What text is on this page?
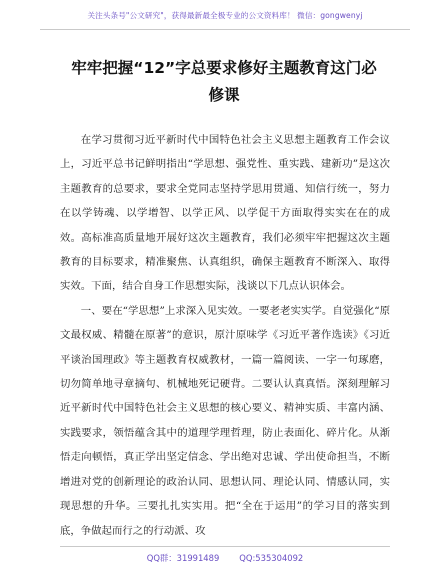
关注头条号"公文研究"，获得最新最全极专业的公文资料库！ 微信：gongwenyj
牢牢把握“12”字总要求修好主题教育这门必
修课

在学习贯彻习近平新时代中国特色社会主义思想主题教育工作会议上，习近平总书记鲜明指出“学思想、强党性、重实践、建新功”是这次主题教育的总要求，要求全党同志坚持学思用贯通、知信行统一，努力在以学铸魂、以学增智、以学正风、以学促干方面取得实实在在的成效。高标准高质量地开展好这次主题教育，我们必须牢牢把握这次主题教育的目标要求，精准聚焦、认真组织，确保主题教育不断深入、取得实效。下面，结合自身工作思想实际，浅谈以下几点认识体会。

一、要在“学思想”上求深入见实效。一要老老实实学。自觉强化“原文最权威、精髓在原著”的意识，原汁原味学《习近平著作选读》《习近平谈治国理政》等主题教育权威教材，一篇一篇阅读、一字一句琢磨，切勿简单地寻章摘句、机械地死记硬背。二要认认真真悟。深刻理解习近平新时代中国特色社会主义思想的核心要义、精神实质、丰富内涵、实践要求，领悟蕴含其中的道理学理哲理，防止表面化、碎片化。从渐悟走向顿悟，真正学出坚定信念、学出绝对忠诚、学出使命担当，不断增进对党的创新理论的政治认同、思想认同、理论认同、情感认同，实现思想的升华。三要扎扎实实用。把“全在于运用”的学习目的落实到底，争做起而行之的行动派、攻

QQ群：31991489 QQ:535304092
